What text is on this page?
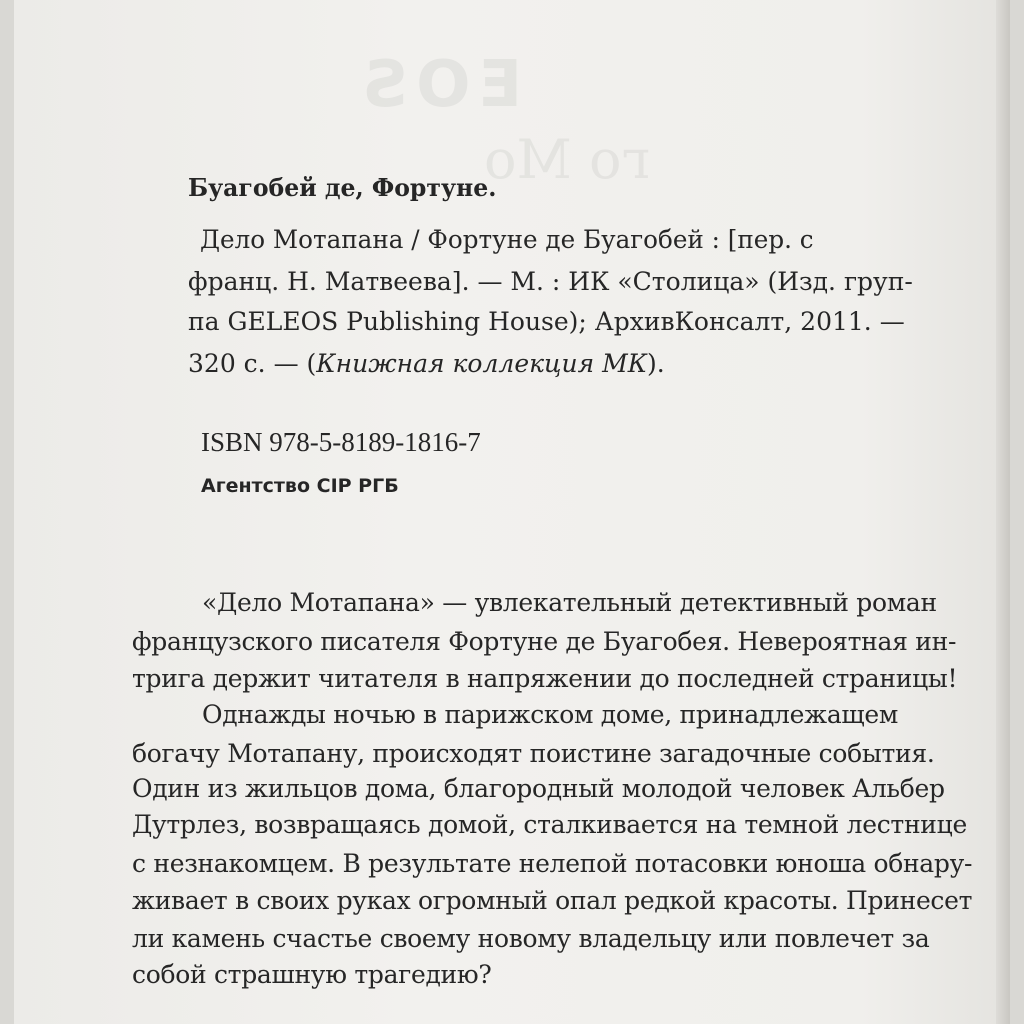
ЕОS
го Мо
Буагобей де, Фортуне.
Дело Мотапана / Фортуне де Буагобей : [пер. с
франц. Н. Матвеева]. — М. : ИК «Столица» (Изд. груп-
па GELEOS Publishing House); АрхивКонсалт, 2011. —
320 с. — (Книжная коллекция МК).
ISBN 978-5-8189-1816-7
Агентство CIP РГБ
«Дело Мотапана» — увлекательный детективный роман
французского писателя Фортуне де Буагобея. Невероятная ин-
трига держит читателя в напряжении до последней страницы!
Однажды ночью в парижском доме, принадлежащем
богачу Мотапану, происходят поистине загадочные события.
Один из жильцов дома, благородный молодой человек Альбер
Дутрлез, возвращаясь домой, сталкивается на темной лестнице
с незнакомцем. В результате нелепой потасовки юноша обнару-
живает в своих руках огромный опал редкой красоты. Принесет
ли камень счастье своему новому владельцу или повлечет за
собой страшную трагедию?
